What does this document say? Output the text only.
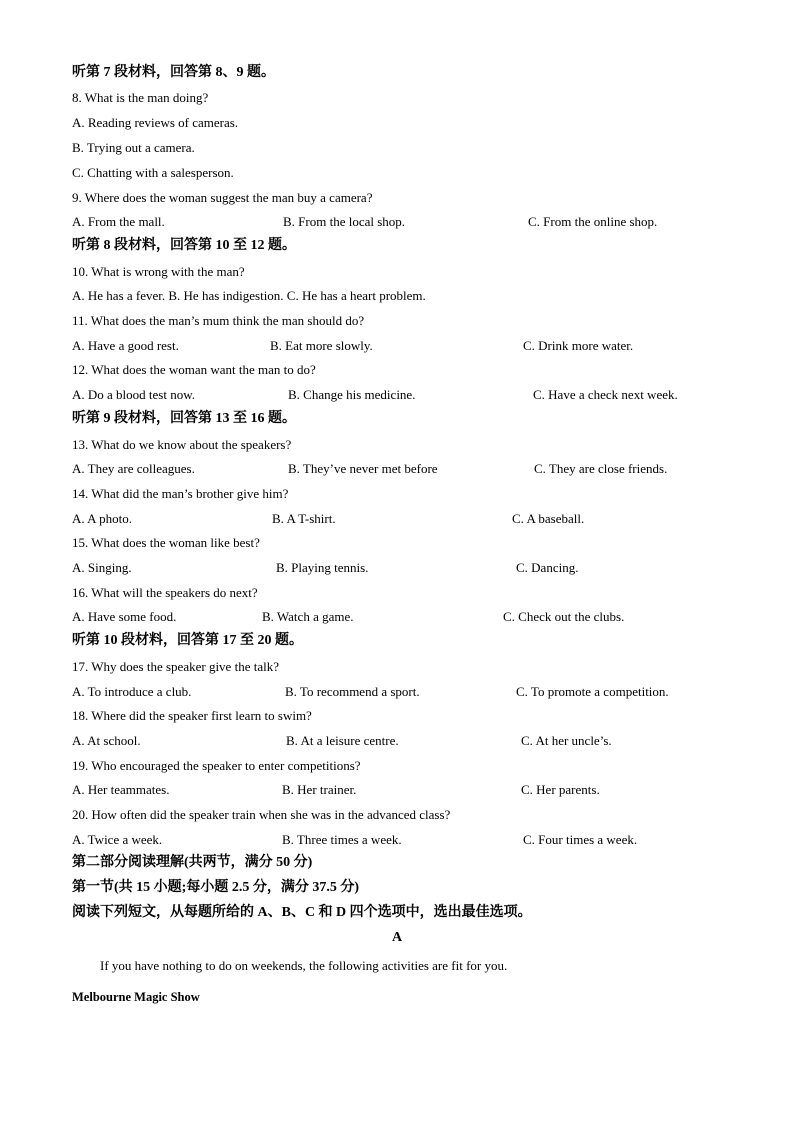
听第 7 段材料，回答第 8、9 题。
8. What is the man doing?
A. Reading reviews of cameras.
B. Trying out a camera.
C. Chatting with a salesperson.
9. Where does the woman suggest the man buy a camera?
A. From the mall.	B. From the local shop.	C. From the online shop.
听第 8 段材料，回答第 10 至 12 题。
10. What is wrong with the man?
A. He has a fever. B. He has indigestion. C. He has a heart problem.
11. What does the man’s mum think the man should do?
A. Have a good rest.	B. Eat more slowly.	C. Drink more water.
12. What does the woman want the man to do?
A. Do a blood test now.	B. Change his medicine.	C. Have a check next week.
听第 9 段材料，回答第 13 至 16 题。
13. What do we know about the speakers?
A. They are colleagues.	B. They’ve never met before	C. They are close friends.
14. What did the man’s brother give him?
A. A photo.	B. A T-shirt.	C. A baseball.
15. What does the woman like best?
A. Singing.	B. Playing tennis.	C. Dancing.
16. What will the speakers do next?
A. Have some food.	B. Watch a game.	C. Check out the clubs.
听第 10 段材料，回答第 17 至 20 题。
17. Why does the speaker give the talk?
A. To introduce a club.	B. To recommend a sport.	C. To promote a competition.
18. Where did the speaker first learn to swim?
A. At school.	B. At a leisure centre.	C. At her uncle’s.
19. Who encouraged the speaker to enter competitions?
A. Her teammates.	B. Her trainer.	C. Her parents.
20. How often did the speaker train when she was in the advanced class?
A. Twice a week.	B. Three times a week.	C. Four times a week.
第二部分阅读理解(共两节，满分 50 分)
第一节(共 15 小题;每小题 2.5 分，满分 37.5 分)
阅读下列短文，从每题所给的 A、B、C 和 D 四个选项中，选出最佳选项。
A
If you have nothing to do on weekends, the following activities are fit for you.
Melbourne Magic Show
